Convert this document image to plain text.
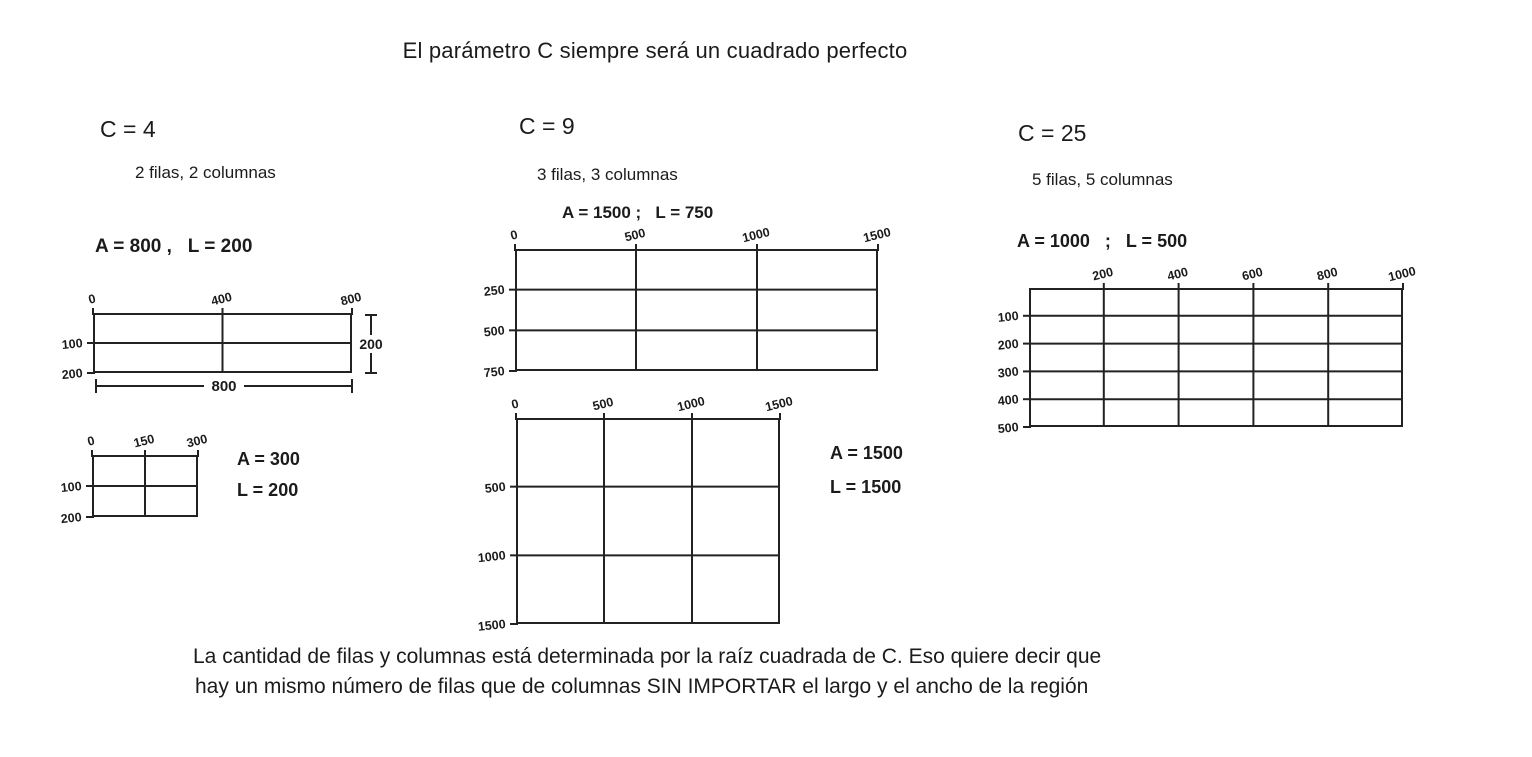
El parámetro C siempre será un cuadrado perfecto
C = 4
2 filas, 2 columnas
A = 800 ,   L = 200
0	400	800
100
200
200
800
0	150 300
100
200
A = 300
L = 200
C = 9
3 filas, 3 columnas
A = 1500 ;   L = 750
0	500	1000	1500
250
500
750
0	500	1000	1500
500
1000
1500
A = 1500
L = 1500
C = 25
5 filas, 5 columnas
A = 1000   ;   L = 500
200	400	600	800	1000
100
200
300
400
500
La cantidad de filas y columnas está determinada por la raíz cuadrada de C. Eso quiere decir que
hay un mismo número de filas que de columnas SIN IMPORTAR el largo y el ancho de la región
